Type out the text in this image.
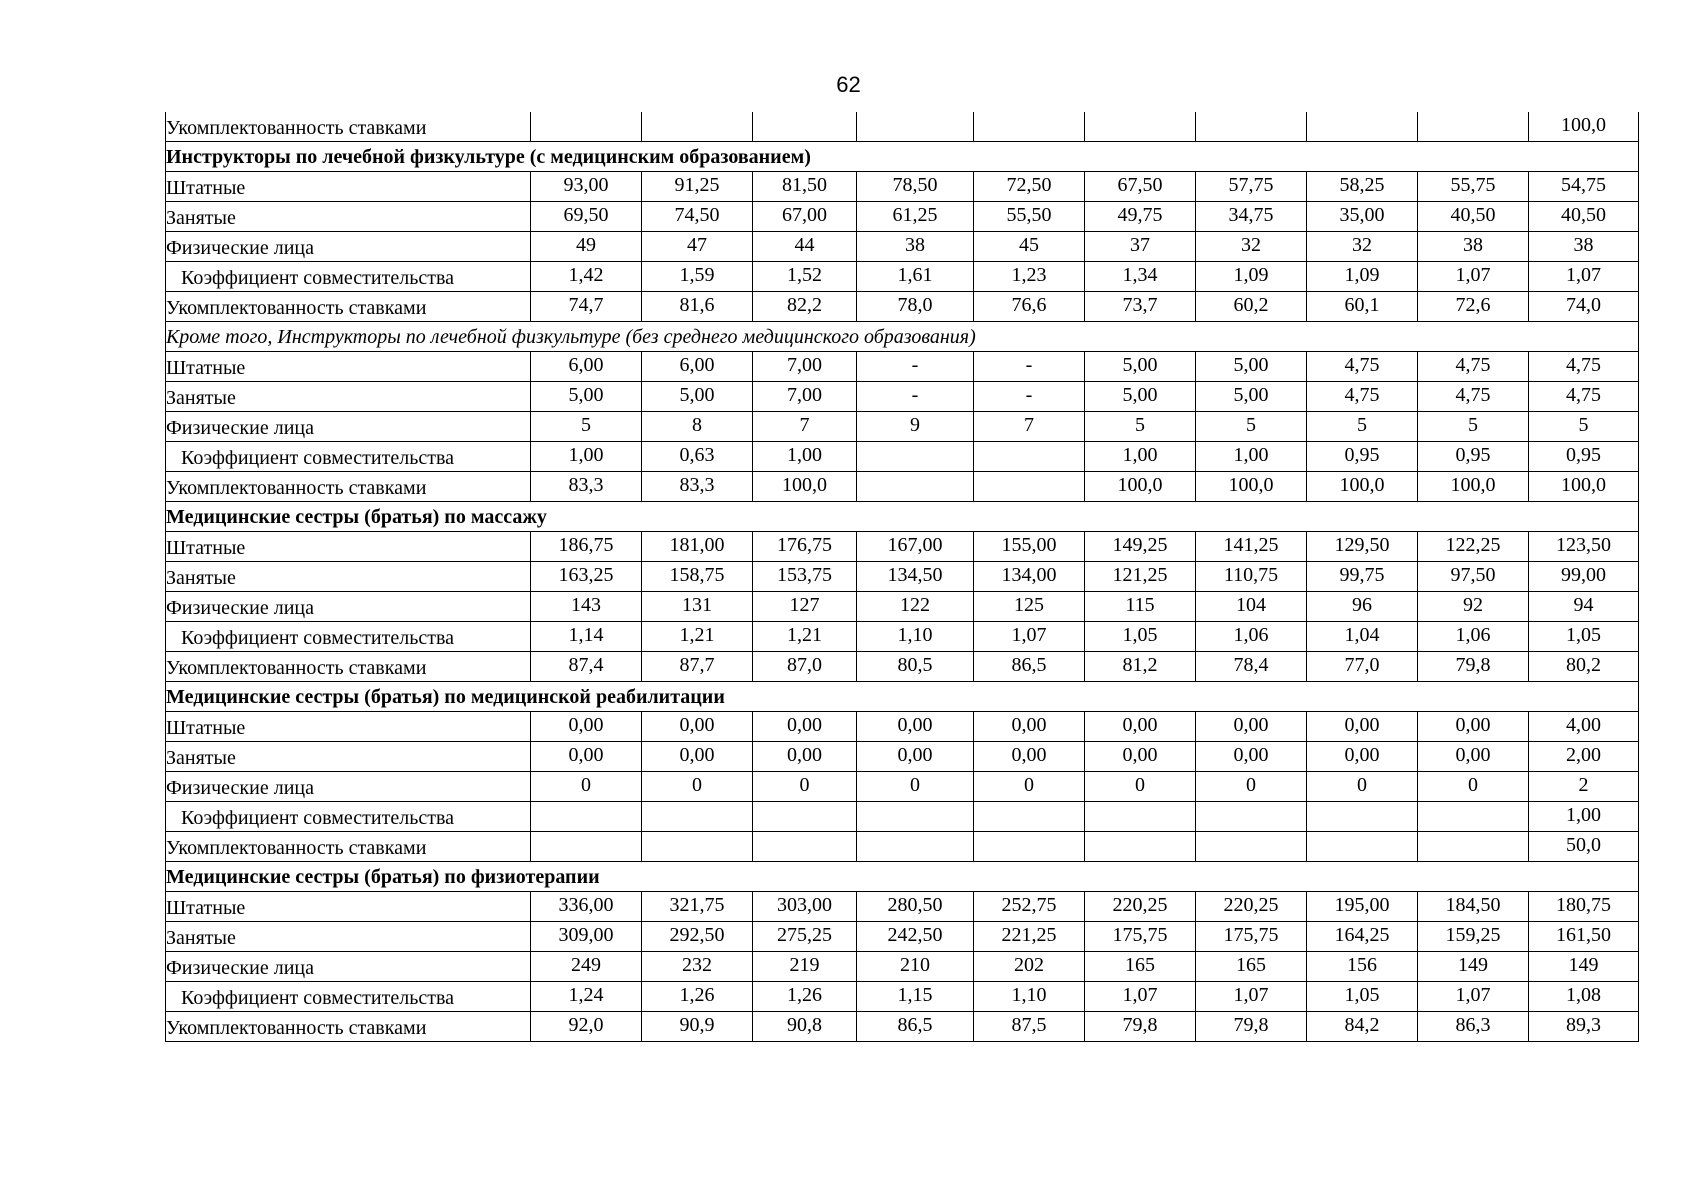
62
Укомплектованность ставками										100,0
Инструкторы по лечебной физкультуре (с медицинским образованием)										
Штатные	93,00	91,25	81,50	78,50	72,50	67,50	57,75	58,25	55,75	54,75
Занятые	69,50	74,50	67,00	61,25	55,50	49,75	34,75	35,00	40,50	40,50
Физические лица	49	47	44	38	45	37	32	32	38	38
Коэффициент совместительства	1,42	1,59	1,52	1,61	1,23	1,34	1,09	1,09	1,07	1,07
Укомплектованность ставками	74,7	81,6	82,2	78,0	76,6	73,7	60,2	60,1	72,6	74,0
Кроме того, Инструкторы по лечебной физкультуре (без среднего медицинского образования)										
Штатные	6,00	6,00	7,00	-	-	5,00	5,00	4,75	4,75	4,75
Занятые	5,00	5,00	7,00	-	-	5,00	5,00	4,75	4,75	4,75
Физические лица	5	8	7	9	7	5	5	5	5	5
Коэффициент совместительства	1,00	0,63	1,00			1,00	1,00	0,95	0,95	0,95
Укомплектованность ставками	83,3	83,3	100,0			100,0	100,0	100,0	100,0	100,0
Медицинские сестры (братья) по массажу										
Штатные	186,75	181,00	176,75	167,00	155,00	149,25	141,25	129,50	122,25	123,50
Занятые	163,25	158,75	153,75	134,50	134,00	121,25	110,75	99,75	97,50	99,00
Физические лица	143	131	127	122	125	115	104	96	92	94
Коэффициент совместительства	1,14	1,21	1,21	1,10	1,07	1,05	1,06	1,04	1,06	1,05
Укомплектованность ставками	87,4	87,7	87,0	80,5	86,5	81,2	78,4	77,0	79,8	80,2
Медицинские сестры (братья) по медицинской реабилитации										
Штатные	0,00	0,00	0,00	0,00	0,00	0,00	0,00	0,00	0,00	4,00
Занятые	0,00	0,00	0,00	0,00	0,00	0,00	0,00	0,00	0,00	2,00
Физические лица	0	0	0	0	0	0	0	0	0	2
Коэффициент совместительства										1,00
Укомплектованность ставками										50,0
Медицинские сестры (братья) по физиотерапии										
Штатные	336,00	321,75	303,00	280,50	252,75	220,25	220,25	195,00	184,50	180,75
Занятые	309,00	292,50	275,25	242,50	221,25	175,75	175,75	164,25	159,25	161,50
Физические лица	249	232	219	210	202	165	165	156	149	149
Коэффициент совместительства	1,24	1,26	1,26	1,15	1,10	1,07	1,07	1,05	1,07	1,08
Укомплектованность ставками	92,0	90,9	90,8	86,5	87,5	79,8	79,8	84,2	86,3	89,3
